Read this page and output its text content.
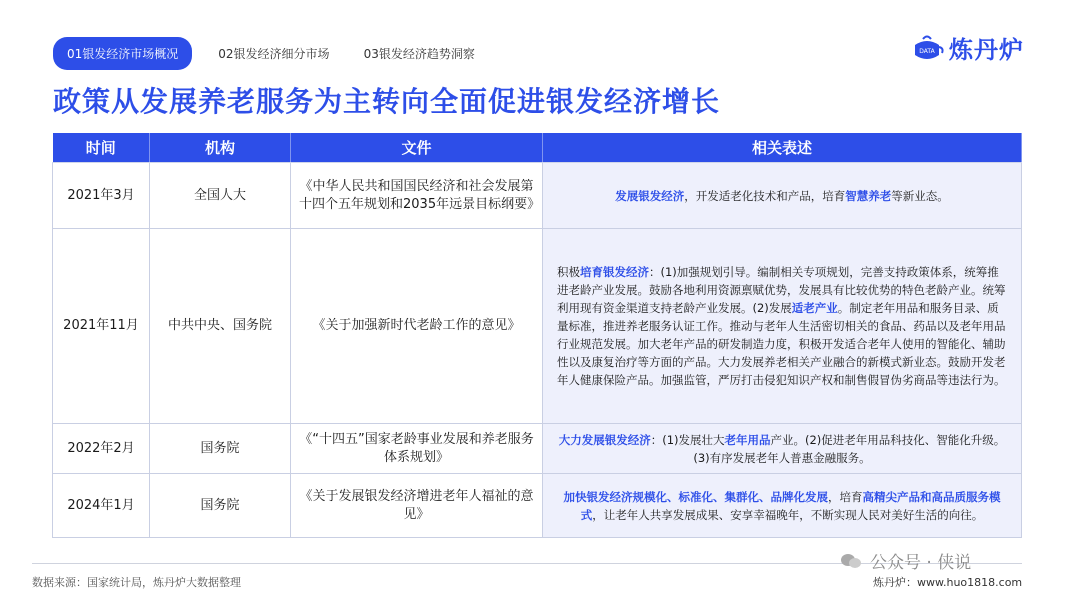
01银发经济市场概况	02银发经济细分市场	03银发经济趋势洞察	DATA 炼丹炉
政策从发展养老服务为主转向全面促进银发经济增长
时间	机构	文件	相关表述
2021年3月	全国人大	《中华人民共和国国民经济和社会发展第十四个五年规划和2035年远景目标纲要》	发展银发经济，开发适老化技术和产品，培育智慧养老等新业态。
2021年11月	中共中央、国务院	《关于加强新时代老龄工作的意见》	积极培育银发经济：(1)加强规划引导。编制相关专项规划，完善支持政策体系，统筹推进老龄产业发展。鼓励各地利用资源禀赋优势，发展具有比较优势的特色老龄产业。统筹利用现有资金渠道支持老龄产业发展。(2)发展适老产业。制定老年用品和服务目录、质量标准，推进养老服务认证工作。推动与老年人生活密切相关的食品、药品以及老年用品行业规范发展。加大老年产品的研发制造力度，积极开发适合老年人使用的智能化、辅助性以及康复治疗等方面的产品。大力发展养老相关产业融合的新模式新业态。鼓励开发老年人健康保险产品。加强监管，严厉打击侵犯知识产权和制售假冒伪劣商品等违法行为。
2022年2月	国务院	《“十四五”国家老龄事业发展和养老服务体系规划》	大力发展银发经济：(1)发展壮大老年用品产业。(2)促进老年用品科技化、智能化升级。(3)有序发展老年人普惠金融服务。
2024年1月	国务院	《关于发展银发经济增进老年人福祉的意见》	加快银发经济规模化、标准化、集群化、品牌化发展，培育高精尖产品和高品质服务模式，让老年人共享发展成果、安享幸福晚年，不断实现人民对美好生活的向往。
数据来源：国家统计局，炼丹炉大数据整理
公众号 · 侠说
炼丹炉：www.huo1818.com
